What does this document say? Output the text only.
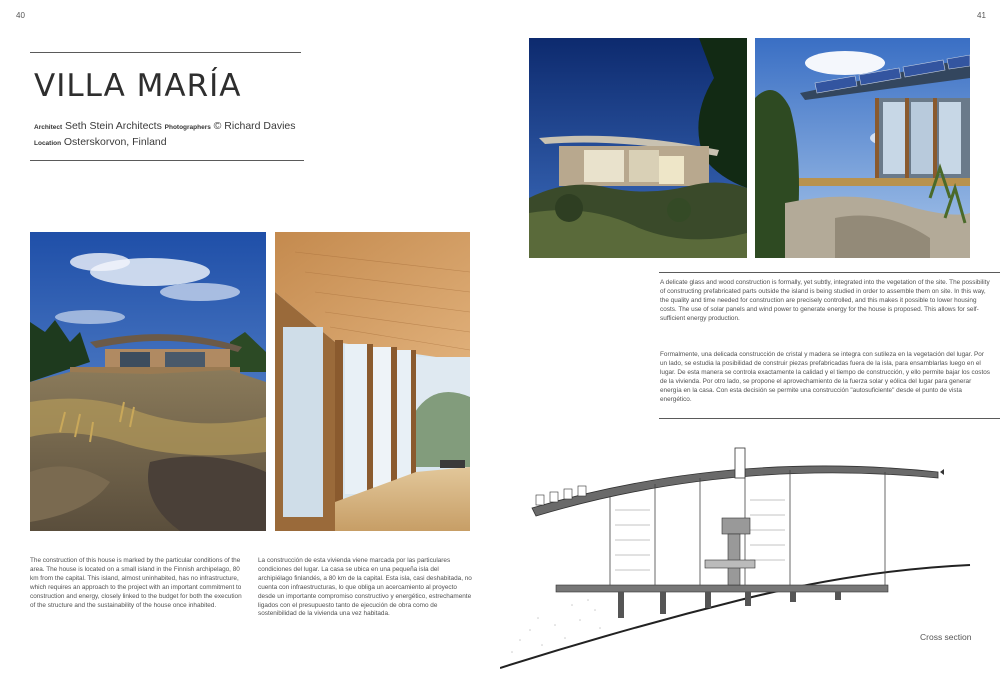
40
VILLA MARÍA
Architect Seth Stein Architects Photographers © Richard Davies
Location Osterskorvon, Finland

The construction of this house is marked by the particular conditions of the area. The house is located on a small island in the Finnish archipelago, 80 km from the capital. This island, almost uninhabited, has no infrastructure, which requires an approach to the project with an important commitment to construction and energy, closely linked to the budget for both the execution of the structure and the sustainability of the house once inhabited.

La construcción de esta vivienda viene marcada por las particulares condiciones del lugar. La casa se ubica en una pequeña isla del archipiélago finlandés, a 80 km de la capital. Esta isla, casi deshabitada, no cuenta con infraestructuras, lo que obliga un acercamiento al proyecto desde un importante compromiso constructivo y energético, estrechamente ligados con el presupuesto tanto de ejecución de obra como de sostenibilidad de la vivienda una vez habitada.

41

A delicate glass and wood construction is formally, yet subtly, integrated into the vegetation of the site. The possibility of constructing prefabricated parts outside the island is being studied in order to assemble them on site. In this way, the quality and time needed for construction are precisely controlled, and this makes it possible to lower housing costs. The use of solar panels and wind power to generate energy for the house is proposed. This allows for self-sufficient energy production.

Formalmente, una delicada construcción de cristal y madera se integra con sutileza en la vegetación del lugar. Por un lado, se estudia la posibilidad de construir piezas prefabricadas fuera de la isla, para ensamblarlas luego en el lugar. De esta manera se controla exactamente la calidad y el tiempo de construcción, y ello permite bajar los costos de la vivienda. Por otro lado, se propone el aprovechamiento de la fuerza solar y eólica del lugar para generar energía en la casa. Con esta decisión se permite una construcción "autosuficiente" desde el punto de vista energético.

Cross section
